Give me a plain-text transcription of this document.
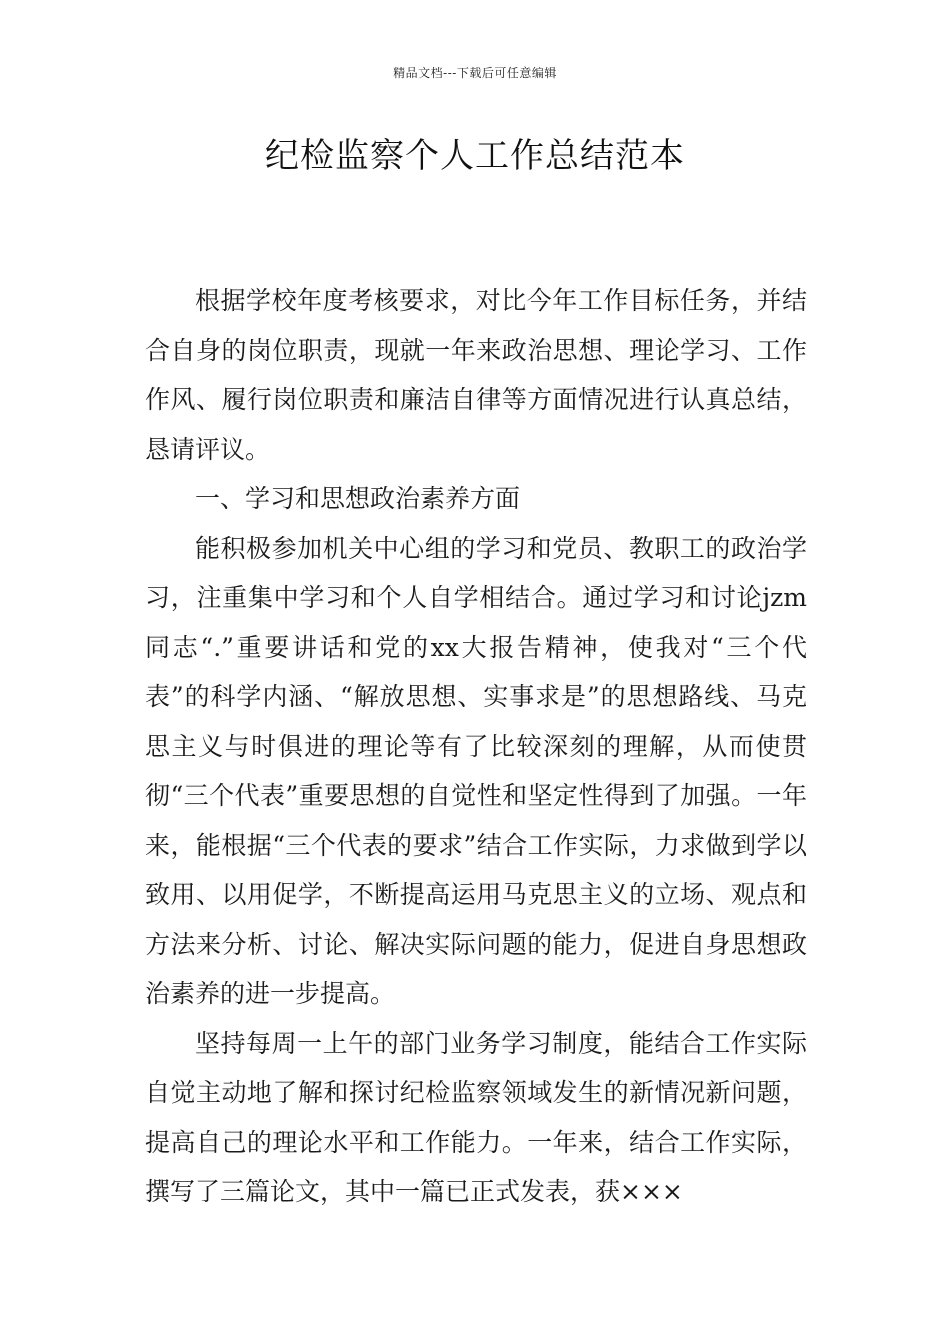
精品文档---下载后可任意编辑
纪检监察个人工作总结范本

根据学校年度考核要求，对比今年工作目标任务，并结合自身的岗位职责，现就一年来政治思想、理论学习、工作作风、履行岗位职责和廉洁自律等方面情况进行认真总结，恳请评议。

一、学习和思想政治素养方面

能积极参加机关中心组的学习和党员、教职工的政治学习，注重集中学习和个人自学相结合。通过学习和讨论jzm同志“.”重要讲话和党的xx大报告精神，使我对“三个代表”的科学内涵、“解放思想、实事求是”的思想路线、马克思主义与时俱进的理论等有了比较深刻的理解，从而使贯彻“三个代表”重要思想的自觉性和坚定性得到了加强。一年来，能根据“三个代表的要求”结合工作实际，力求做到学以致用、以用促学，不断提高运用马克思主义的立场、观点和方法来分析、讨论、解决实际问题的能力，促进自身思想政治素养的进一步提高。

坚持每周一上午的部门业务学习制度，能结合工作实际自觉主动地了解和探讨纪检监察领域发生的新情况新问题，提高自己的理论水平和工作能力。一年来，结合工作实际，撰写了三篇论文，其中一篇已正式发表，获×××
